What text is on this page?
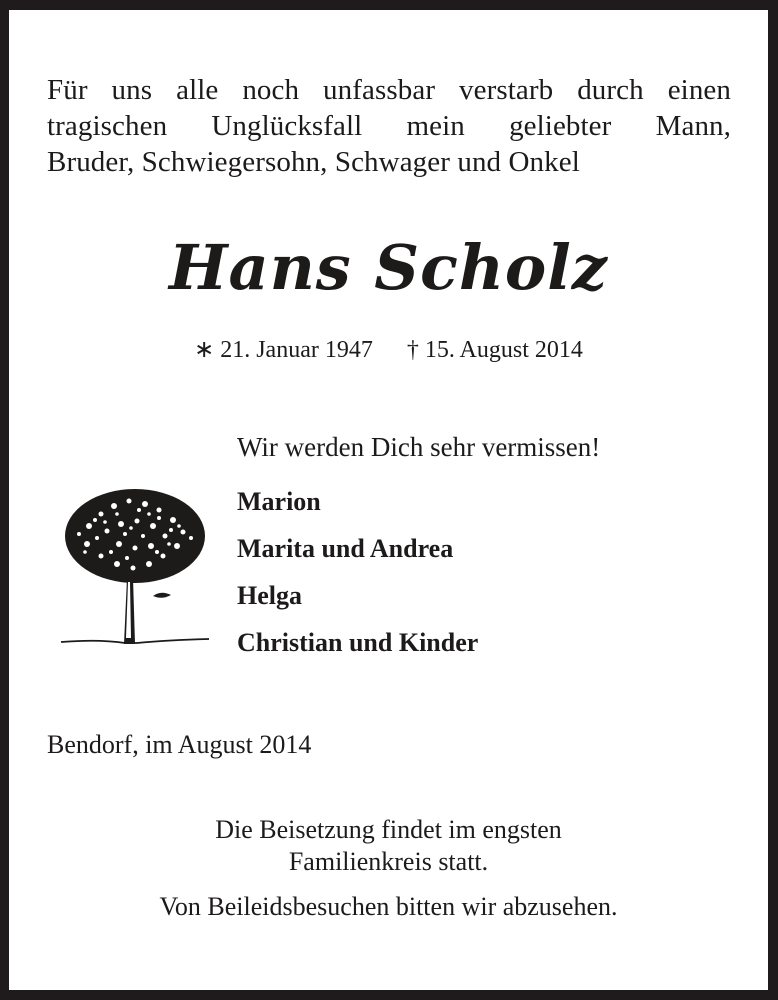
Für uns alle noch unfassbar verstarb durch einen
tragischen Unglücksfall mein geliebter Mann,
Bruder, Schwiegersohn, Schwager und Onkel
Hans Scholz
∗ 21. Januar 1947 † 15. August 2014
Wir werden Dich sehr vermissen!
Marion
Marita und Andrea
Helga
Christian und Kinder
Bendorf, im August 2014
Die Beisetzung findet im engsten
Familienkreis statt.
Von Beileidsbesuchen bitten wir abzusehen.
